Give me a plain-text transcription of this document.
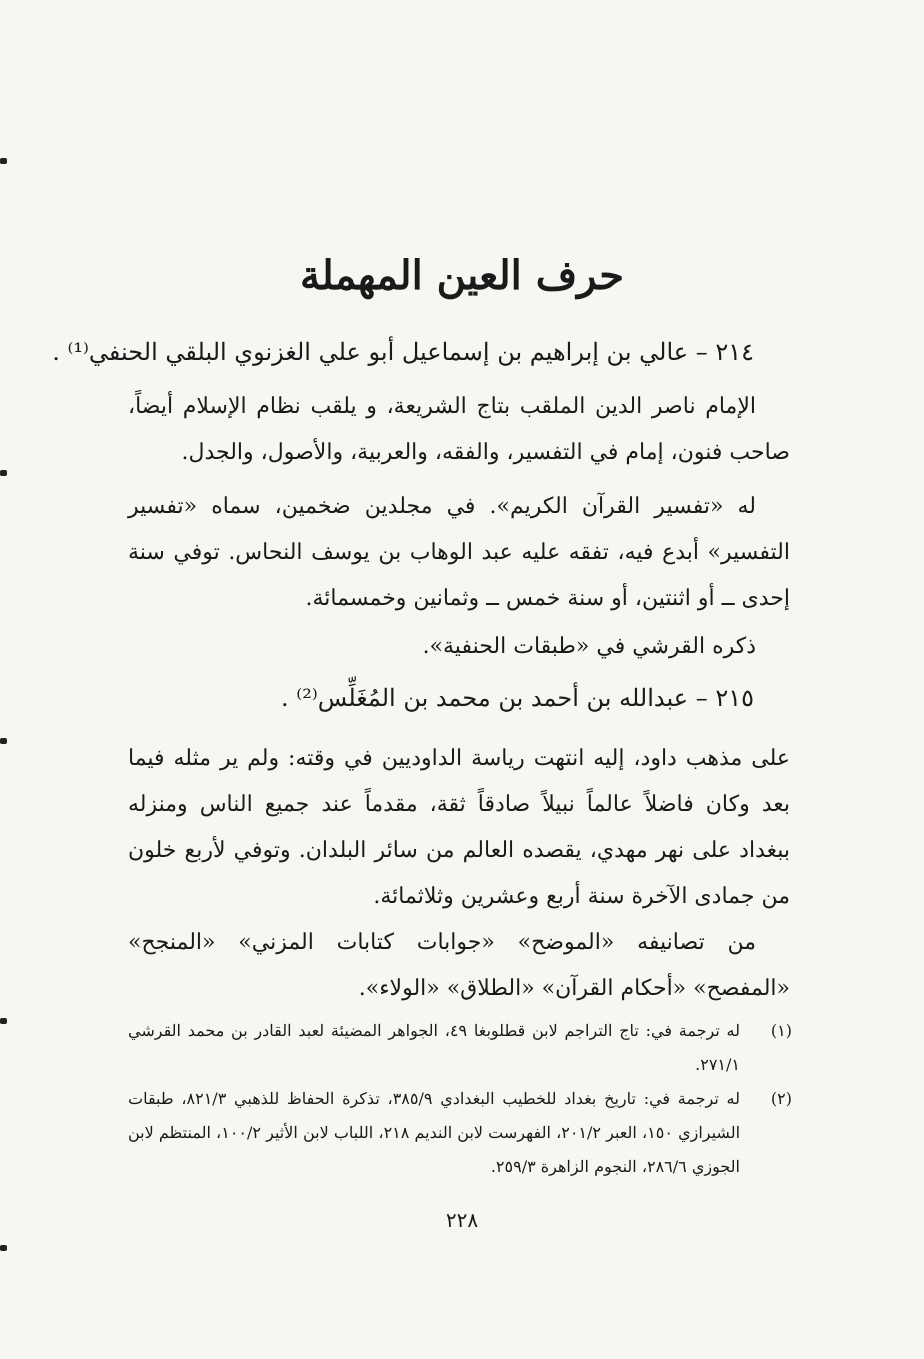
حرف العين المهملة
٢١٤ – عالي بن إبراهيم بن إسماعيل أبو علي الغزنوي البلقي الحنفي⁽¹⁾ .
الإمام ناصر الدين الملقب بتاج الشريعة، و يلقب نظام الإسلام أيضاً، صاحب فنون، إمام في التفسير، والفقه، والعربية، والأصول، والجدل.
له «تفسير القرآن الكريم». في مجلدين ضخمين، سماه «تفسير التفسير» أبدع فيه، تفقه عليه عبد الوهاب بن يوسف النحاس. توفي سنة إحدى ــ أو اثنتين، أو سنة خمس ــ وثمانين وخمسمائة.
ذكره القرشي في «طبقات الحنفية».
٢١٥ – عبدالله بن أحمد بن محمد بن المُغَلِّس⁽²⁾ .
على مذهب داود، إليه انتهت رياسة الداوديين في وقته: ولم ير مثله فيما بعد وكان فاضلاً عالماً نبيلاً صادقاً ثقة، مقدماً عند جميع الناس ومنزله ببغداد على نهر مهدي، يقصده العالم من سائر البلدان. وتوفي لأربع خلون من جمادى الآخرة سنة أربع وعشرين وثلاثمائة.
من تصانيفه «الموضح» «جوابات كتابات المزني» «المنجح» «المفصح» «أحكام القرآن» «الطلاق» «الولاء».
(١)
له ترجمة في: تاج التراجم لابن قطلوبغا ٤٩، الجواهر المضيئة لعبد القادر بن محمد القرشي ٢٧١/١.
(٢)
له ترجمة في: تاريخ بغداد للخطيب البغدادي ٣٨٥/٩، تذكرة الحفاظ للذهبي ٨٢١/٣، طبقات الشيرازي ١٥٠، العبر ٢٠١/٢، الفهرست لابن النديم ٢١٨، اللباب لابن الأثير ١٠٠/٢، المنتظم لابن الجوزي ٢٨٦/٦، النجوم الزاهرة ٢٥٩/٣.
٢٢٨
